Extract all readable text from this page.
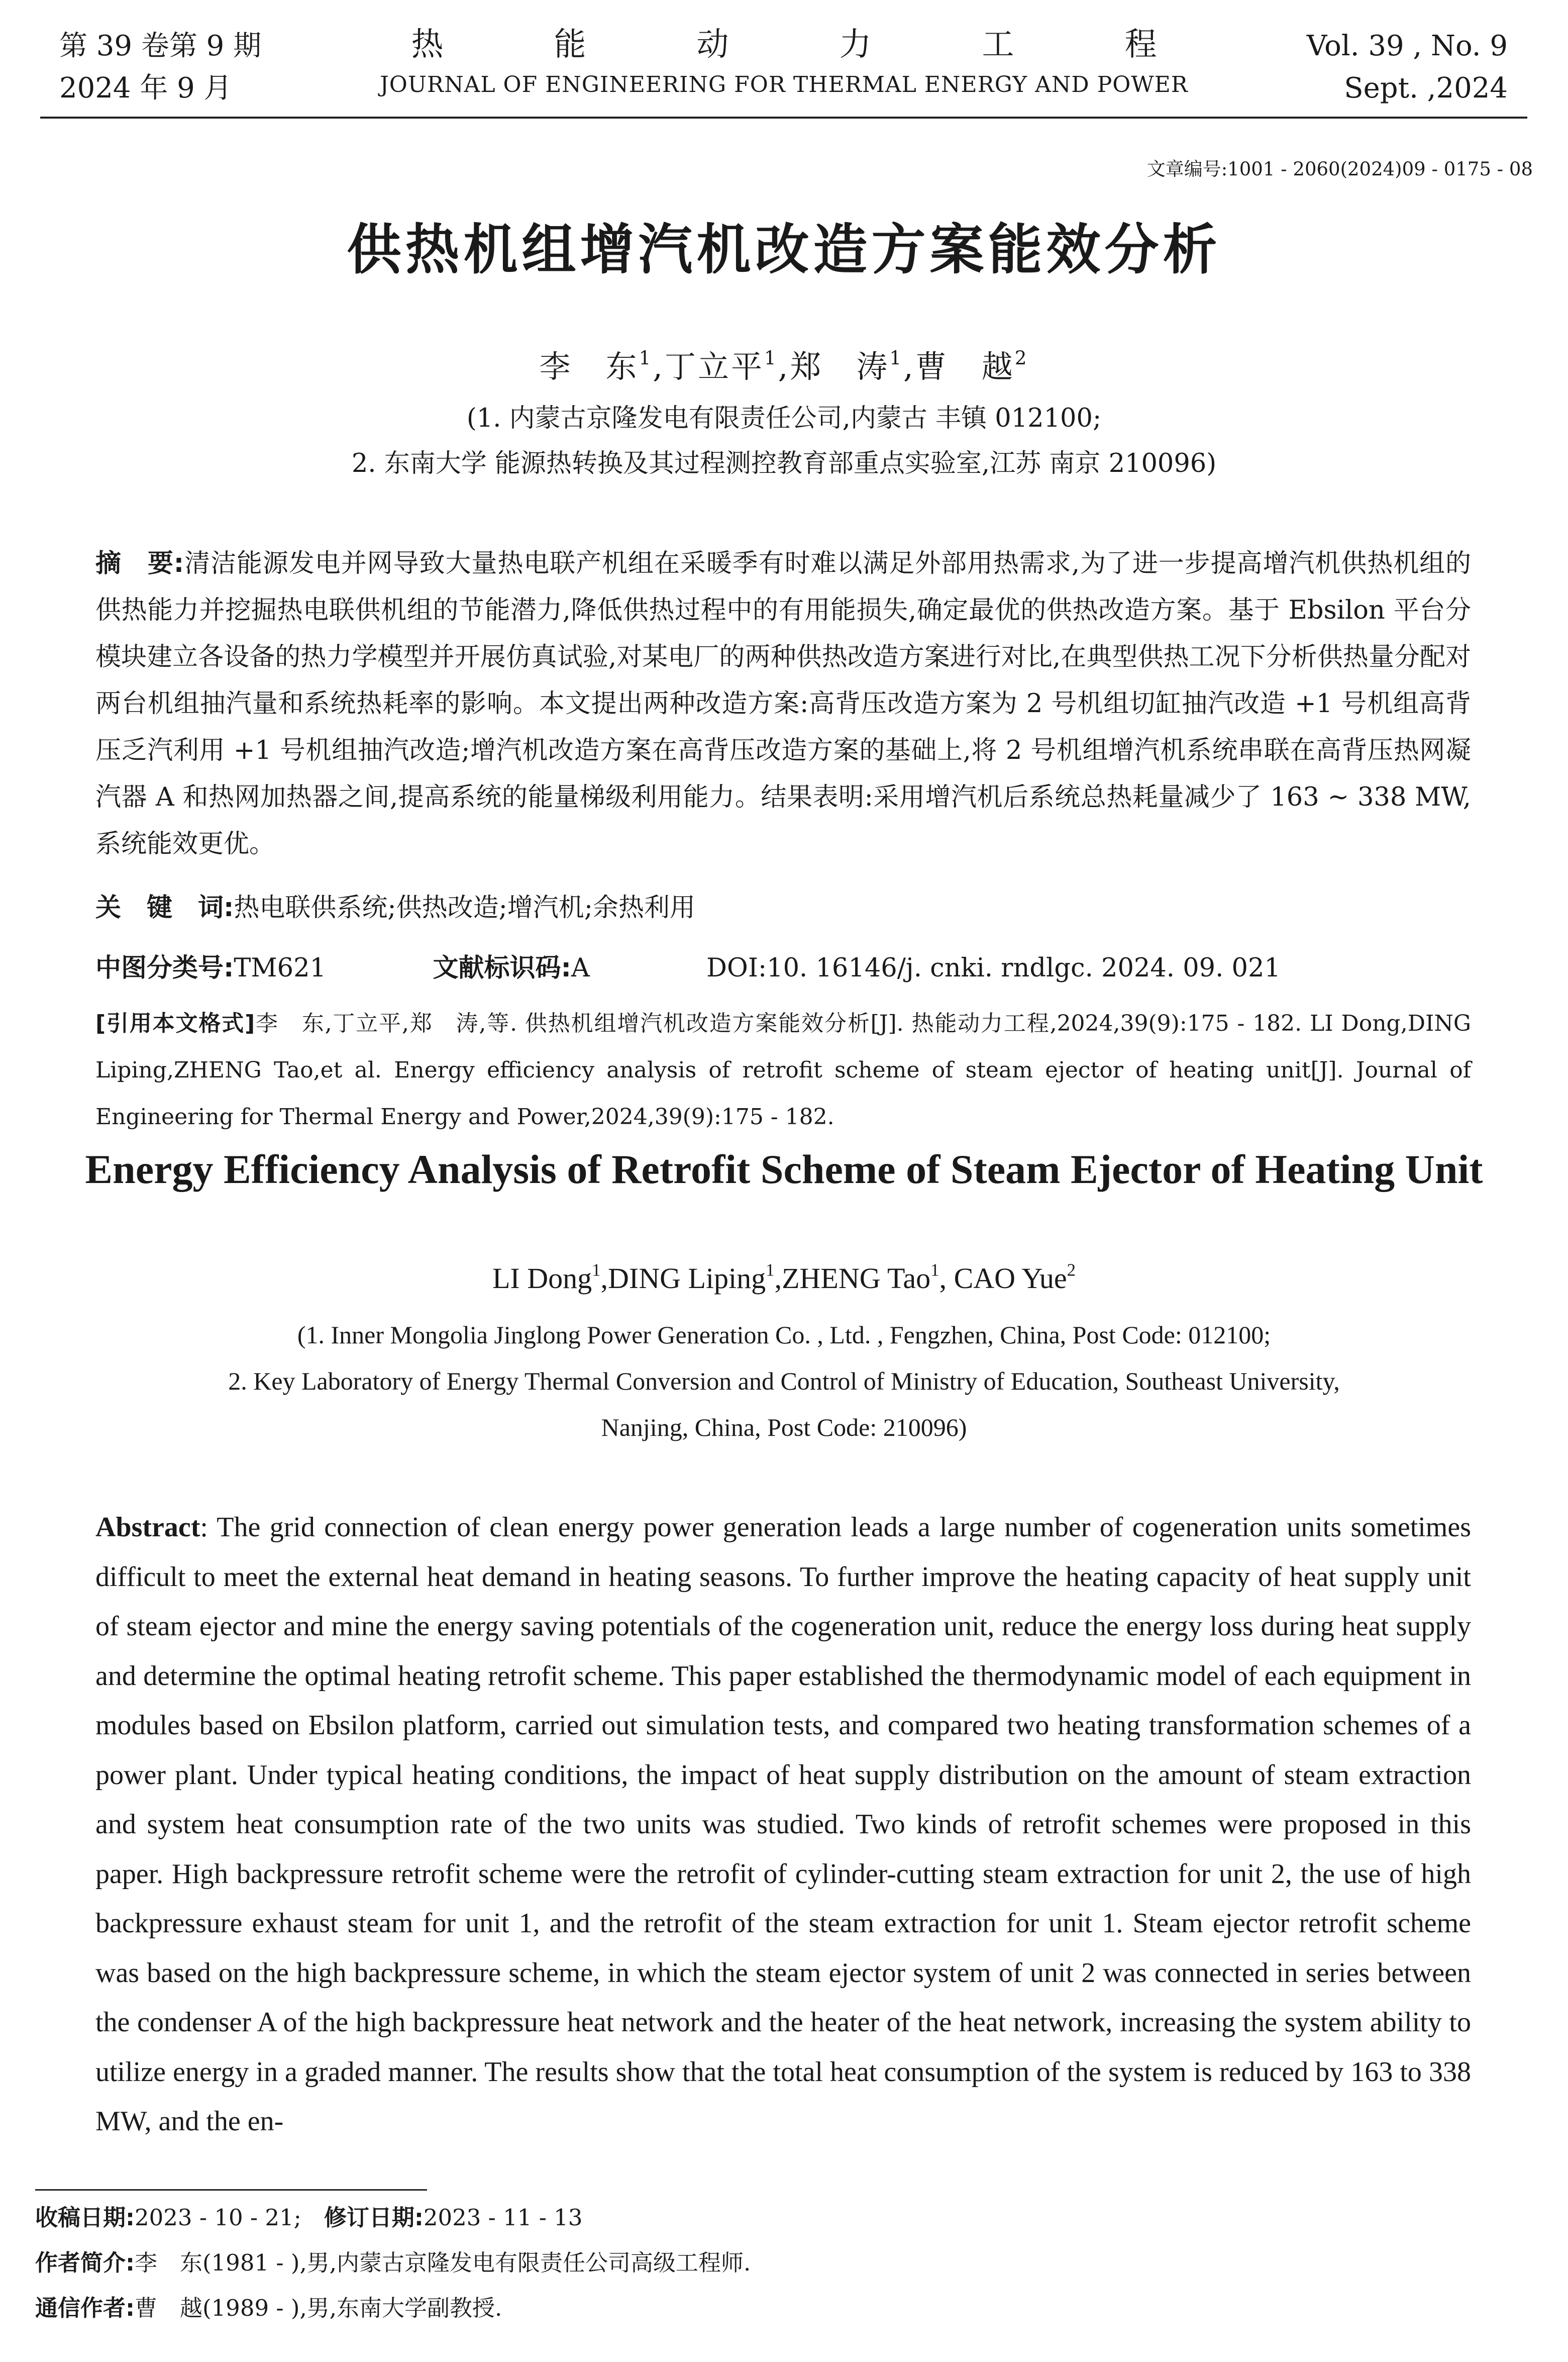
第 39 卷第 9 期
2024 年 9 月
热能动力工程
JOURNAL OF ENGINEERING FOR THERMAL ENERGY AND POWER
Vol. 39 , No. 9
Sept. ,2024
文章编号:1001 - 2060(2024)09 - 0175 - 08
供热机组增汽机改造方案能效分析
李　东$^1$,丁立平$^1$,郑　涛$^1$,曹　越$^2$
(1. 内蒙古京隆发电有限责任公司,内蒙古 丰镇 012100;
2. 东南大学 能源热转换及其过程测控教育部重点实验室,江苏 南京 210096)
摘　要:清洁能源发电并网导致大量热电联产机组在采暖季有时难以满足外部用热需求,为了进一步提高增汽机供热机组的供热能力并挖掘热电联供机组的节能潜力,降低供热过程中的有用能损失,确定最优的供热改造方案。基于 Ebsilon 平台分模块建立各设备的热力学模型并开展仿真试验,对某电厂的两种供热改造方案进行对比,在典型供热工况下分析供热量分配对两台机组抽汽量和系统热耗率的影响。本文提出两种改造方案:高背压改造方案为 2 号机组切缸抽汽改造 +1 号机组高背压乏汽利用 +1 号机组抽汽改造;增汽机改造方案在高背压改造方案的基础上,将 2 号机组增汽机系统串联在高背压热网凝汽器 A 和热网加热器之间,提高系统的能量梯级利用能力。结果表明:采用增汽机后系统总热耗量减少了 163 ~ 338 MW,系统能效更优。
关　键　词:热电联供系统;供热改造;增汽机;余热利用
中图分类号:TM621	文献标识码:A	DOI:10. 16146/j. cnki. rndlgc. 2024. 09. 021
[引用本文格式]李　东,丁立平,郑　涛,等. 供热机组增汽机改造方案能效分析[J]. 热能动力工程,2024,39(9):175 - 182. LI Dong,DING Liping,ZHENG Tao,et al. Energy efficiency analysis of retrofit scheme of steam ejector of heating unit[J]. Journal of Engineering for Thermal Energy and Power,2024,39(9):175 - 182.
Energy Efficiency Analysis of Retrofit Scheme of Steam Ejector of Heating Unit
LI Dong$^1$,DING Liping$^1$,ZHENG Tao$^1$, CAO Yue$^2$
(1. Inner Mongolia Jinglong Power Generation Co. , Ltd. , Fengzhen, China, Post Code: 012100;
2. Key Laboratory of Energy Thermal Conversion and Control of Ministry of Education, Southeast University,
Nanjing, China, Post Code: 210096)
Abstract: The grid connection of clean energy power generation leads a large number of cogeneration units sometimes difficult to meet the external heat demand in heating seasons. To further improve the heating capacity of heat supply unit of steam ejector and mine the energy saving potentials of the cogeneration unit, reduce the energy loss during heat supply and determine the optimal heating retrofit scheme. This paper established the thermodynamic model of each equipment in modules based on Ebsilon platform, carried out simulation tests, and compared two heating transformation schemes of a power plant. Under typical heating conditions, the impact of heat supply distribution on the amount of steam extraction and system heat consumption rate of the two units was studied. Two kinds of retrofit schemes were proposed in this paper. High backpressure retrofit scheme were the retrofit of cylinder-cutting steam extraction for unit 2, the use of high backpressure exhaust steam for unit 1, and the retrofit of the steam extraction for unit 1. Steam ejector retrofit scheme was based on the high backpressure scheme, in which the steam ejector system of unit 2 was connected in series between the condenser A of the high backpressure heat network and the heater of the heat network, increasing the system ability to utilize energy in a graded manner. The results show that the total heat consumption of the system is reduced by 163 to 338 MW, and the en-
收稿日期:2023 - 10 - 21;　修订日期:2023 - 11 - 13
作者简介:李　东(1981 - ),男,内蒙古京隆发电有限责任公司高级工程师.
通信作者:曹　越(1989 - ),男,东南大学副教授.
